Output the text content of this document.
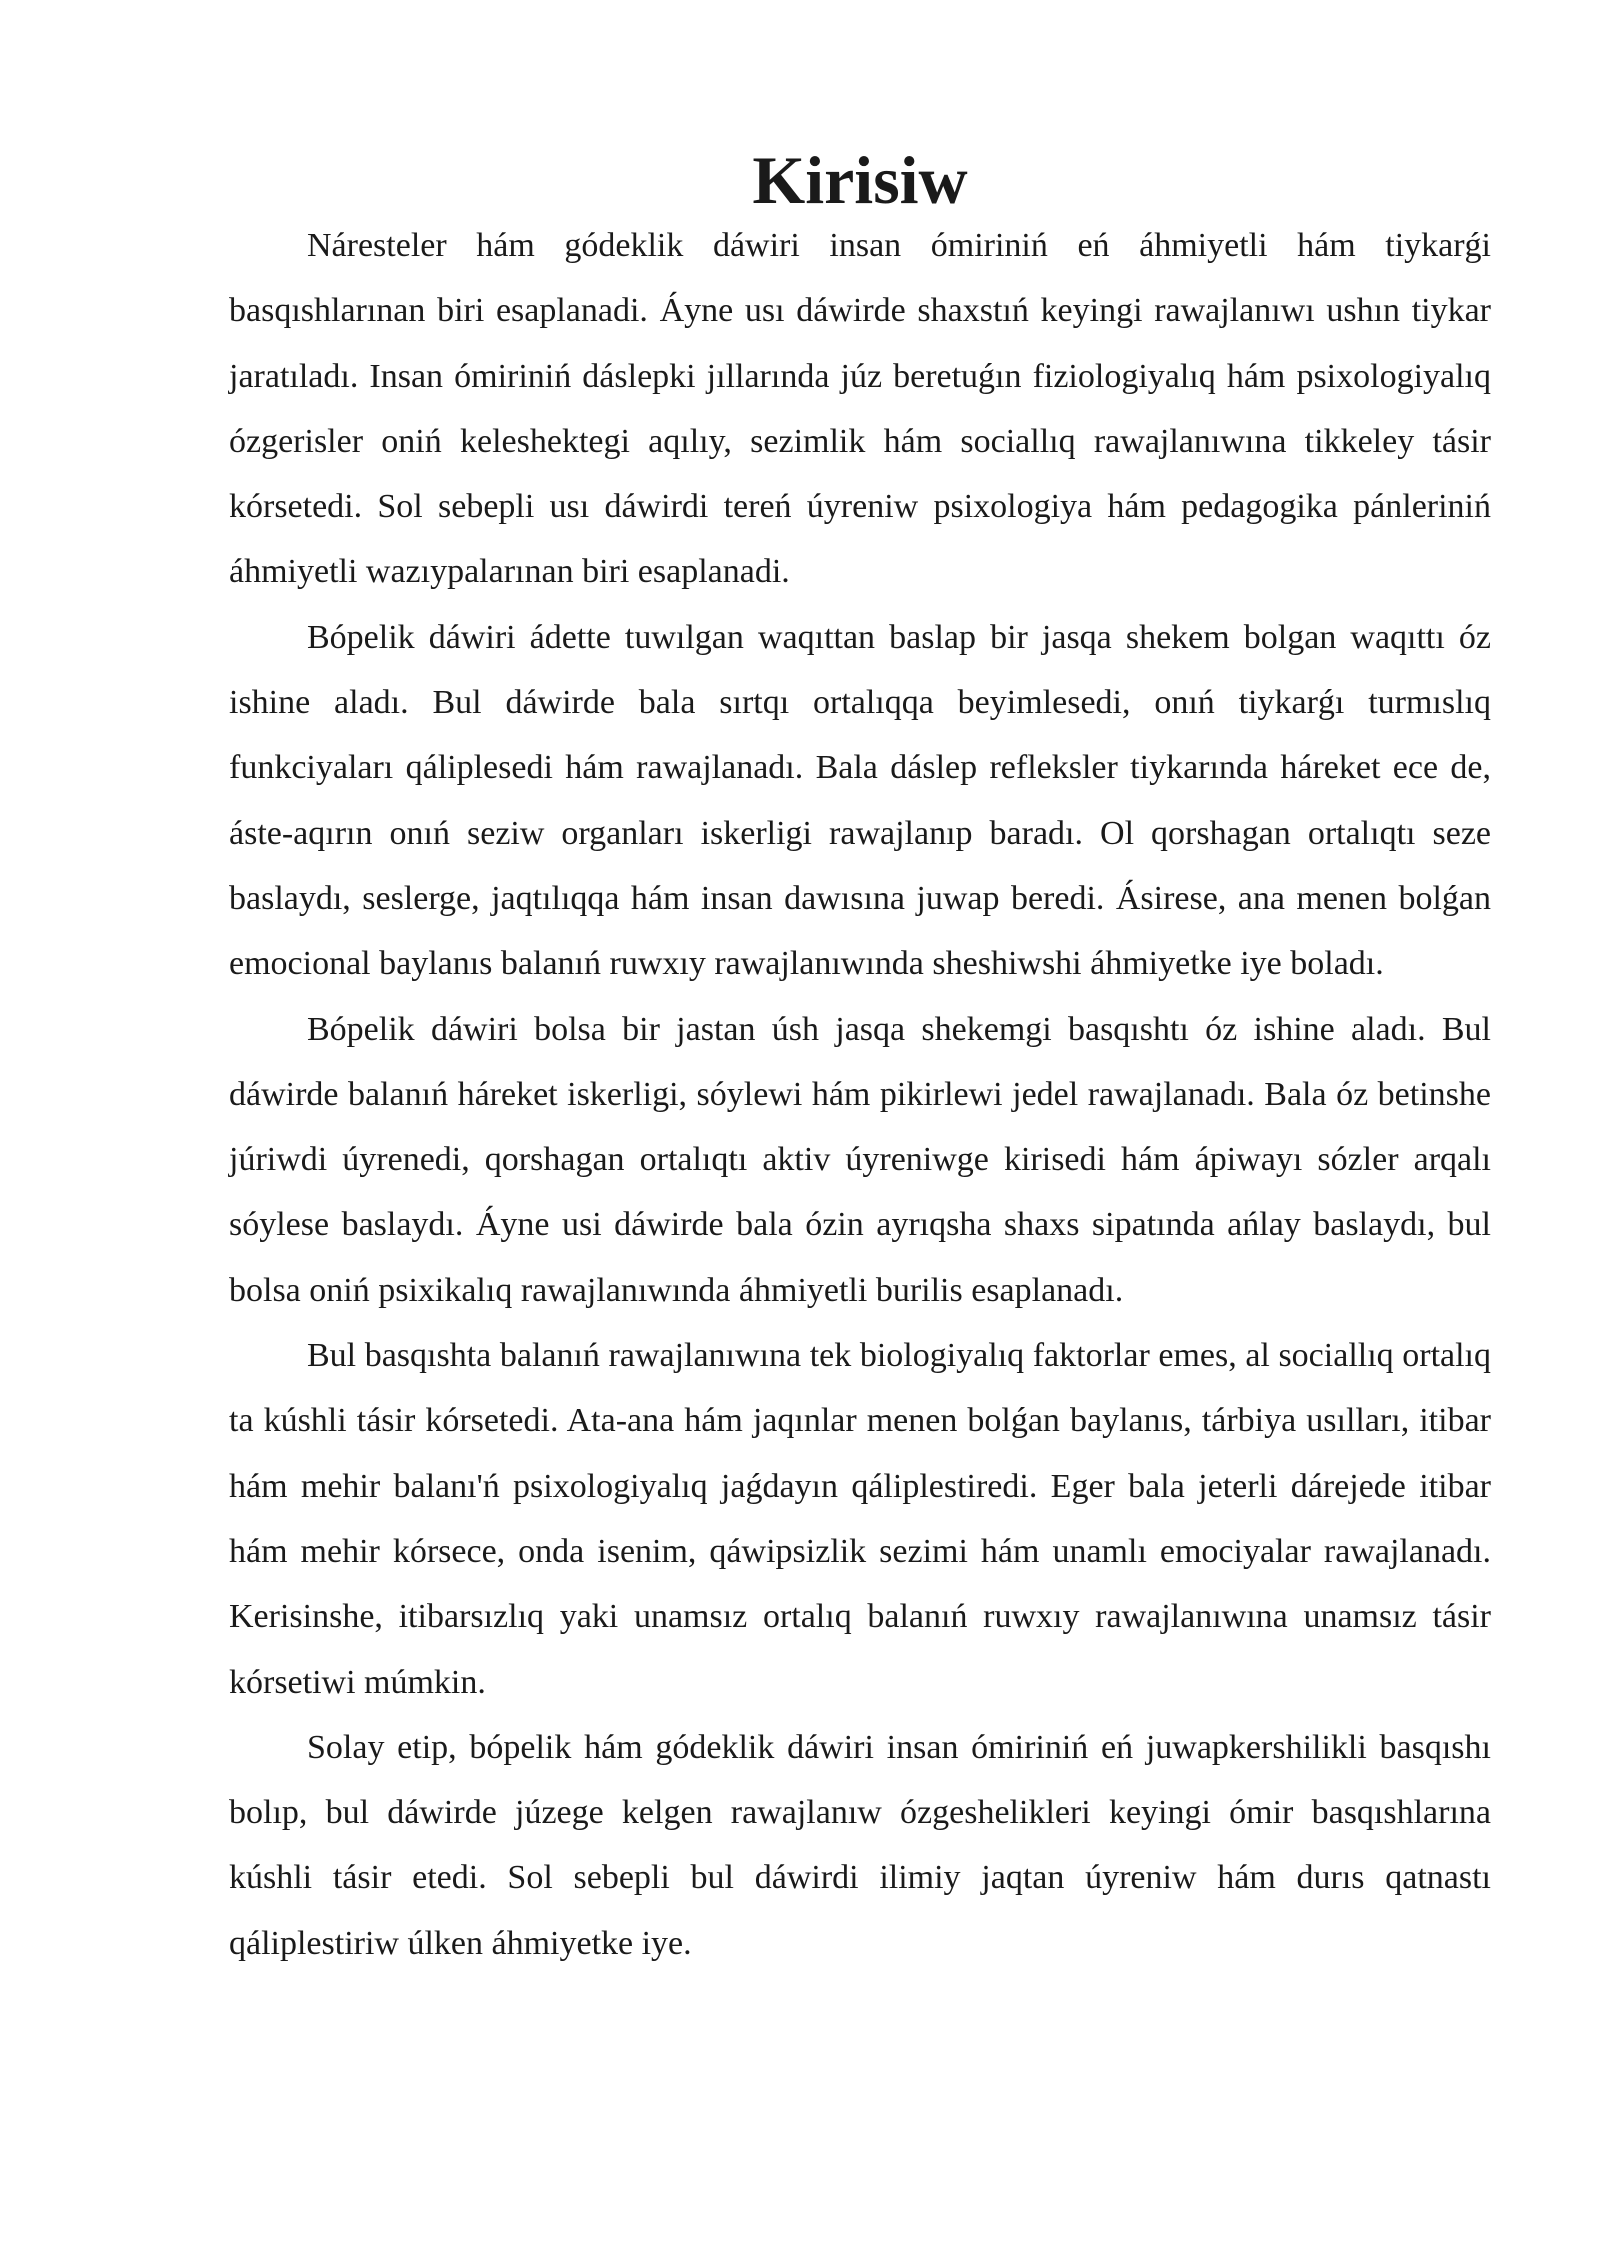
Kirisiw

Náresteler hám gódeklik dáwiri insan ómiriniń eń áhmiyetli hám tiykarǵi basqıshlarınan biri esaplanadi. Áyne usı dáwirde shaxstıń keyingi rawajlanıwı ushın tiykar jaratıladı. Insan ómiriniń dáslepki jıllarında júz beretuǵın fiziologiyalıq hám psixologiyalıq ózgerisler oniń keleshektegi aqılıy, sezimlik hám sociallıq rawajlanıwına tikkeley tásir kórsetedi. Sol sebepli usı dáwirdi tereń úyreniw psixologiya hám pedagogika pánleriniń áhmiyetli wazıypalarınan biri esaplanadi.

Bópelik dáwiri ádette tuwılgan waqıttan baslap bir jasqa shekem bolgan waqıttı óz ishine aladı. Bul dáwirde bala sırtqı ortalıqqa beyimlesedi, onıń tiykarǵı turmıslıq funkciyaları qáliplesedi hám rawajlanadı. Bala dáslep refleksler tiykarında háreket ece de, áste-aqırın onıń seziw organları iskerligi rawajlanıp baradı. Ol qorshagan ortalıqtı seze baslaydı, seslerge, jaqtılıqqa hám insan dawısına juwap beredi. Ásirese, ana menen bolǵan emocional baylanıs balanıń ruwxıy rawajlanıwında sheshiwshi áhmiyetke iye boladı.

Bópelik dáwiri bolsa bir jastan úsh jasqa shekemgi basqıshtı óz ishine aladı. Bul dáwirde balanıń háreket iskerligi, sóylewi hám pikirlewi jedel rawajlanadı. Bala óz betinshe júriwdi úyrenedi, qorshagan ortalıqtı aktiv úyreniwge kirisedi hám ápiwayı sózler arqalı sóylese baslaydı. Áyne usi dáwirde bala ózin ayrıqsha shaxs sipatında ańlay baslaydı, bul bolsa oniń psixikalıq rawajlanıwında áhmiyetli burilis esaplanadı.

Bul basqıshta balanıń rawajlanıwına tek biologiyalıq faktorlar emes, al sociallıq ortalıq ta kúshli tásir kórsetedi. Ata-ana hám jaqınlar menen bolǵan baylanıs, tárbiya usılları, itibar hám mehir balanı'ń psixologiyalıq jaǵdayın qáliplestiredi. Eger bala jeterli dárejede itibar hám mehir kórsece, onda isenim, qáwipsizlik sezimi hám unamlı emociyalar rawajlanadı. Kerisinshe, itibarsızlıq yaki unamsız ortalıq balanıń ruwxıy rawajlanıwına unamsız tásir kórsetiwi múmkin.

Solay etip, bópelik hám gódeklik dáwiri insan ómiriniń eń juwapkershilikli basqıshı bolıp, bul dáwirde júzege kelgen rawajlanıw ózgeshelikleri keyingi ómir basqıshlarına kúshli tásir etedi. Sol sebepli bul dáwirdi ilimiy jaqtan úyreniw hám durıs qatnastı qáliplestiriw úlken áhmiyetke iye.
